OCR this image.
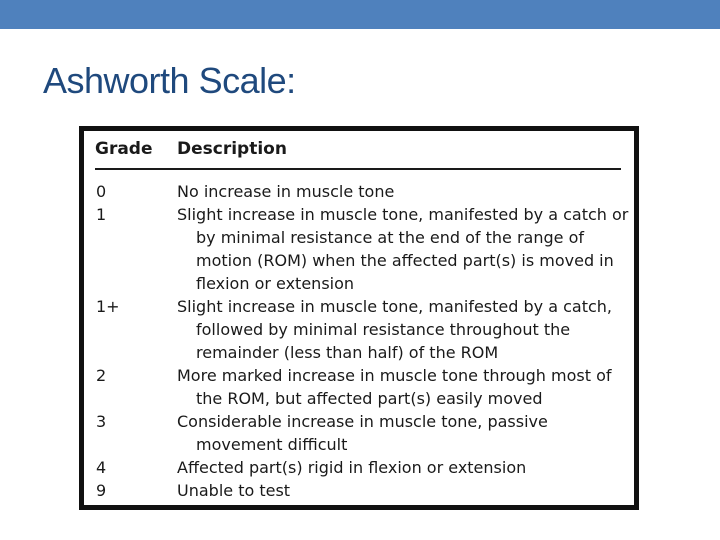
Ashworth Scale:
Grade Description
0	No increase in muscle tone
1	Slight increase in muscle tone, manifested by a catch or
by minimal resistance at the end of the range of
motion (ROM) when the affected part(s) is moved in
flexion or extension
1+	Slight increase in muscle tone, manifested by a catch,
followed by minimal resistance throughout the
remainder (less than half) of the ROM
2	More marked increase in muscle tone through most of
the ROM, but affected part(s) easily moved
3	Considerable increase in muscle tone, passive
movement difficult
4	Affected part(s) rigid in flexion or extension
9	Unable to test
